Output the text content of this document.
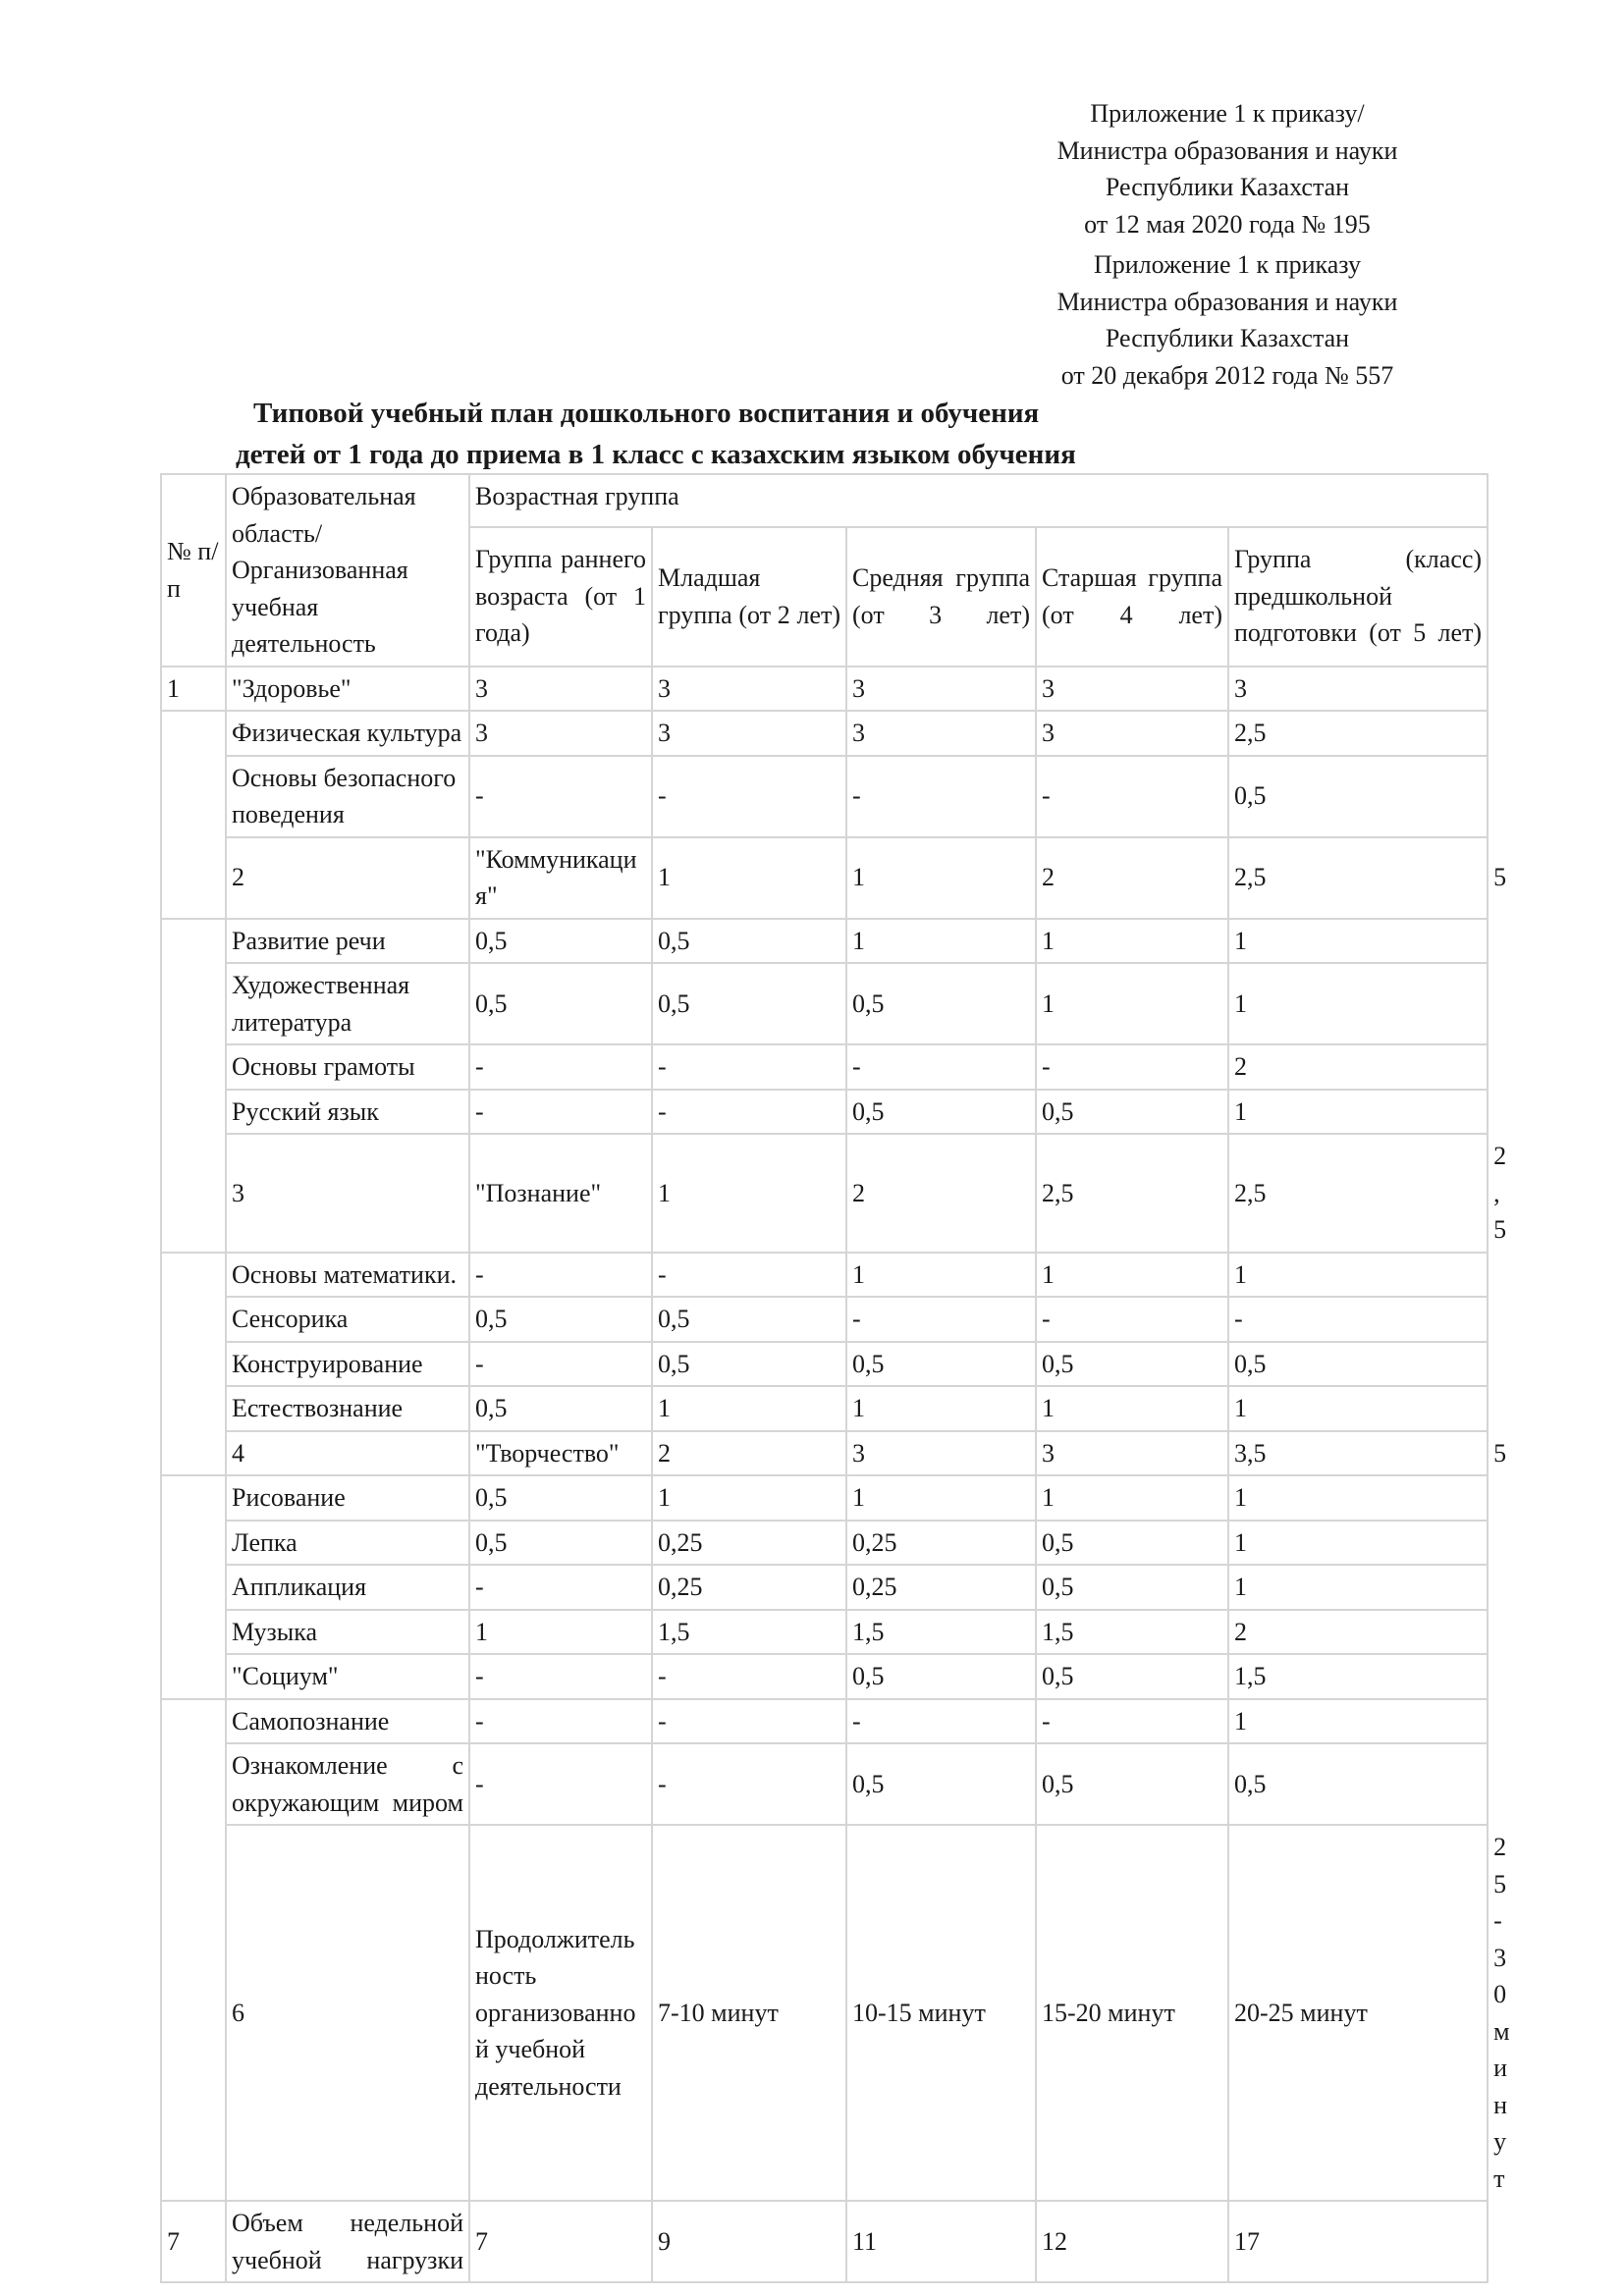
Приложение 1 к приказу/
Министра образования и науки
Республики Казахстан
от 12 мая 2020 года № 195
Приложение 1 к приказу
Министра образования и науки
Республики Казахстан
от 20 декабря 2012 года № 557
Типовой учебный план дошкольного воспитания и обучения
детей от 1 года до приема в 1 класс с казахским языком обучения
№ п/п	Образовательная область/ Организованная учебная деятельность	Возрастная группа					
		Группа раннего возраста (от 1 года)	Младшая группа (от 2 лет)	Средняя группа (от 3 лет)	Старшая группа (от 4 лет)	Группа (класс) предшкольной подготовки (от 5 лет)	
1	"Здоровье"	3	3	3	3	3	
	Физическая культура	3	3	3	3	2,5	
	Основы безопасного поведения	-	-	-	-	0,5	
	2	"Коммуникация"	1	1	2	2,5	5
	Развитие речи	0,5	0,5	1	1	1	
	Художественная литература	0,5	0,5	0,5	1	1	
	Основы грамоты	-	-	-	-	2	
	Русский язык	-	-	0,5	0,5	1	
	3	"Познание"	1	2	2,5	2,5	2,5
	Основы математики.	-	-	1	1	1	
	Сенсорика	0,5	0,5	-	-	-	
	Конструирование	-	0,5	0,5	0,5	0,5	
	Естествознание	0,5	1	1	1	1	
	4	"Творчество"	2	3	3	3,5	5
	Рисование	0,5	1	1	1	1	
	Лепка	0,5	0,25	0,25	0,5	1	
	Аппликация	-	0,25	0,25	0,5	1	
	Музыка	1	1,5	1,5	1,5	2	
	"Социум"	-	-	0,5	0,5	1,5	
	Самопознание	-	-	-	-	1	
	Ознакомление с окружающим миром	-	-	0,5	0,5	0,5	
	6	Продолжительность организованной учебной деятельности	7-10 минут	10-15 минут	15-20 минут	20-25 минут	25-30 минут
7	Объем недельной учебной нагрузки	7	9	11	12	17	
